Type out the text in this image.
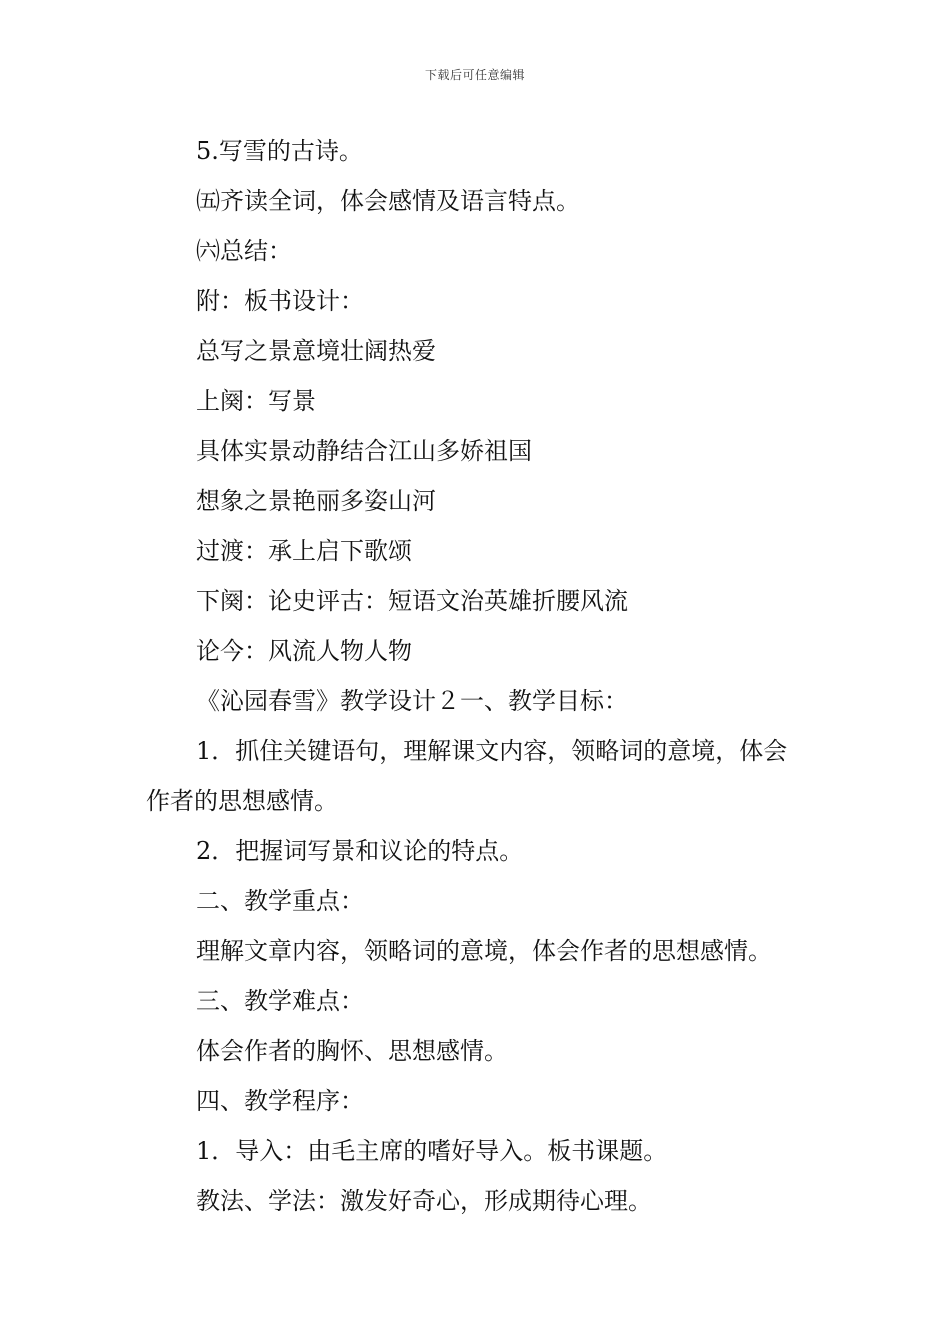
下载后可任意编辑

5.写雪的古诗。

㈤齐读全词，体会感情及语言特点。

㈥总结：

附：板书设计：

总写之景意境壮阔热爱

上阕：写景

具体实景动静结合江山多娇祖国

想象之景艳丽多姿山河

过渡：承上启下歌颂

下阕：论史评古：短语文治英雄折腰风流

论今：风流人物人物

《沁园春雪》教学设计２一、教学目标：

1．抓住关键语句，理解课文内容，领略词的意境，体会作者的思想感情。

2．把握词写景和议论的特点。

二、教学重点：

理解文章内容，领略词的意境，体会作者的思想感情。

三、教学难点：

体会作者的胸怀、思想感情。

四、教学程序：

1．导入：由毛主席的嗜好导入。板书课题。

教法、学法：激发好奇心，形成期待心理。
